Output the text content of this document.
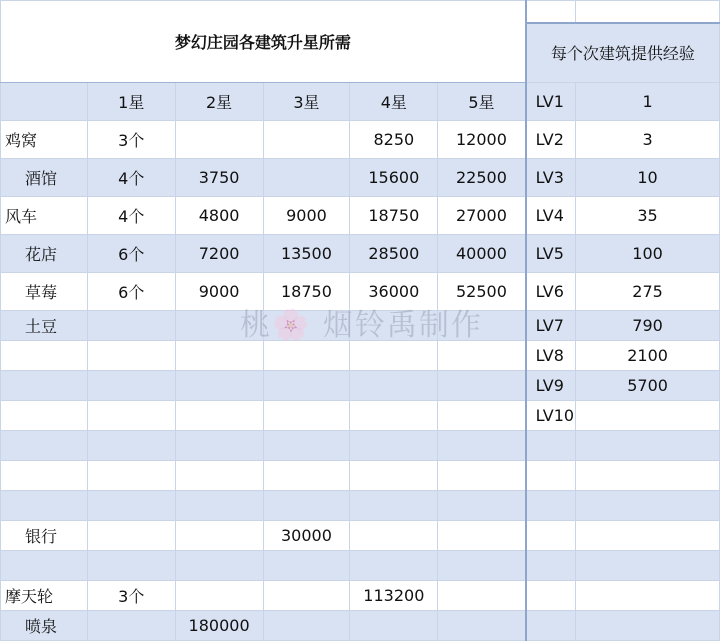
梦幻庄园各建筑升星所需							
						每个次建筑提供经验	

	1星	2星	3星	4星	5星	LV1	1
鸡窝	3个			8250	12000	LV2	3
酒馆	4个	3750		15600	22500	LV3	10
风车	4个	4800	9000	18750	27000	LV4	35
花店	6个	7200	13500	28500	40000	LV5	100
草莓	6个	9000	18750	36000	52500	LV6	275
土豆						LV7	790
						LV8	2100
						LV9	5700
						LV10	

银行			30000				

摩天轮	3个			113200			
喷泉		180000					
桃🌸 烟铃禹制作
